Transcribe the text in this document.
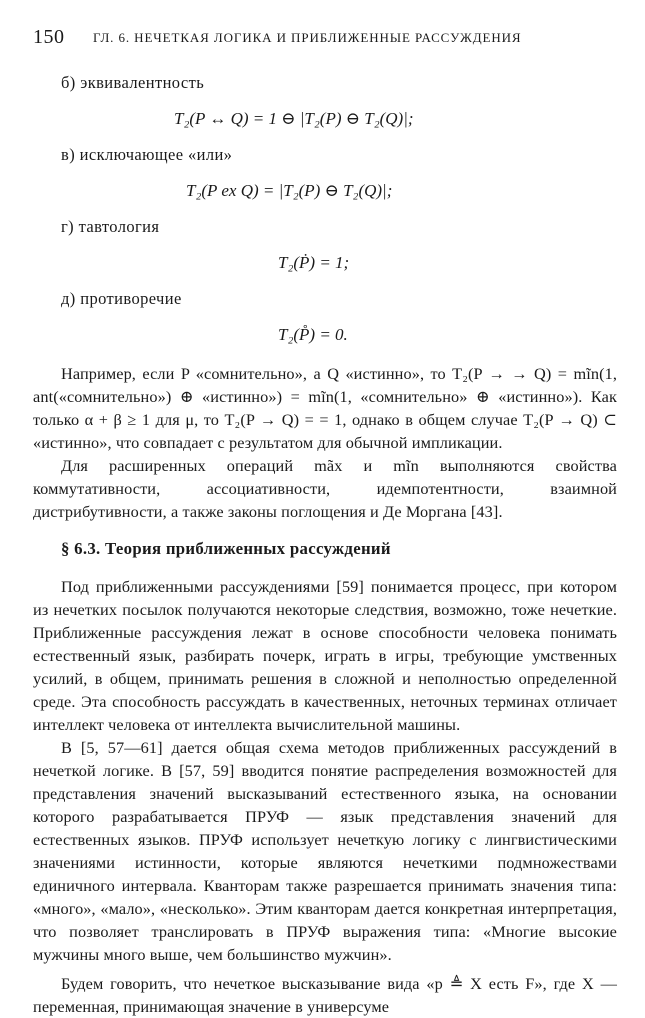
150 ГЛ. 6. НЕЧЕТКАЯ ЛОГИКА И ПРИБЛИЖЕННЫЕ РАССУЖДЕНИЯ
б) эквивалентность
T₂(P ↔ Q) = 1 ⊖ |T₂(P) ⊖ T₂(Q)|;
в) исключающее «или»
T₂(P ex Q) = |T₂(P) ⊖ T₂(Q)|;
г) тавтология
T₂(Ṗ) = 1;
д) противоречие
T₂(P̊) = 0.

Например, если P «сомнительно», а Q «истинно», то T₂(P → → Q) = mĩn(1, ant(«сомнительно») ⊕ «истинно») = mĩn(1, «сомнительно» ⊕ «истинно»). Как только α + β ≥ 1 для μ, то T₂(P → Q) = = 1, однако в общем случае T₂(P → Q) ⊂ «истинно», что совпадает с результатом для обычной импликации.

Для расширенных операций mãx и mĩn выполняются свойства коммутативности, ассоциативности, идемпотентности, взаимной дистрибутивности, а также законы поглощения и Де Моргана [43].

§ 6.3. Теория приближенных рассуждений

Под приближенными рассуждениями [59] понимается процесс, при котором из нечетких посылок получаются некоторые следствия, возможно, тоже нечеткие. Приближенные рассуждения лежат в основе способности человека понимать естественный язык, разбирать почерк, играть в игры, требующие умственных усилий, в общем, принимать решения в сложной и неполностью определенной среде. Эта способность рассуждать в качественных, неточных терминах отличает интеллект человека от интеллекта вычислительной машины.

В [5, 57—61] дается общая схема методов приближенных рассуждений в нечеткой логике. В [57, 59] вводится понятие распределения возможностей для представления значений высказываний естественного языка, на основании которого разрабатывается ПРУФ — язык представления значений для естественных языков. ПРУФ использует нечеткую логику с лингвистическими значениями истинности, которые являются нечеткими подмножествами единичного интервала. Кванторам также разрешается принимать значения типа: «много», «мало», «несколько». Этим кванторам дается конкретная интерпретация, что позволяет транслировать в ПРУФ выражения типа: «Многие высокие мужчины много выше, чем большинство мужчин».

Будем говорить, что нечеткое высказывание вида «p ≜ X есть F», где X — переменная, принимающая значение в универсуме
